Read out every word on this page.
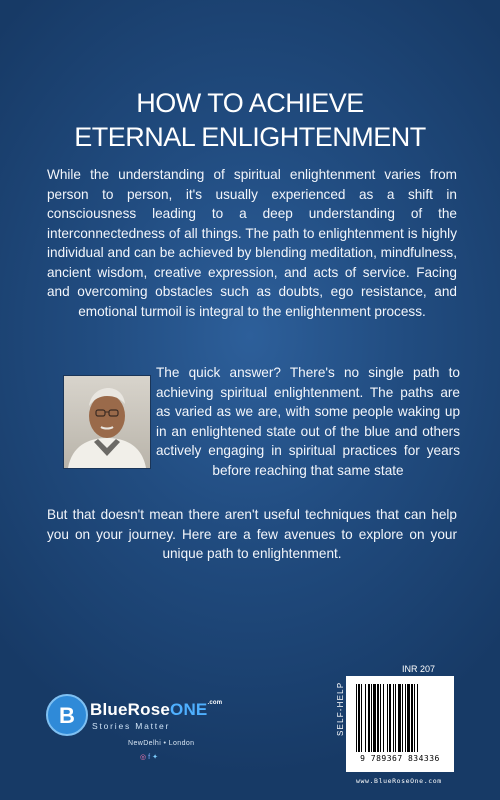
HOW TO ACHIEVE
ETERNAL ENLIGHTENMENT
While the understanding of spiritual enlightenment varies from person to person, it's usually experienced as a shift in consciousness leading to a deep understanding of the interconnectedness of all things. The path to enlightenment is highly individual and can be achieved by blending meditation, mindfulness, ancient wisdom, creative expression, and acts of service. Facing and overcoming obstacles such as doubts, ego resistance, and emotional turmoil is integral to the enlightenment process.
The quick answer? There's no single path to achieving spiritual enlightenment. The paths are as varied as we are, with some people waking up in an enlightened state out of the blue and others actively engaging in spiritual practices for years before reaching that same state
But that doesn't mean there aren't useful techniques that can help you on your journey. Here are a few avenues to explore on your unique path to enlightenment.
B BlueRoseONE$^{.com}$
Stories Matter
NewDelhi • London
◎f✦
INR 207
SELF-HELP
9 789367 834336
www.BlueRoseOne.com
